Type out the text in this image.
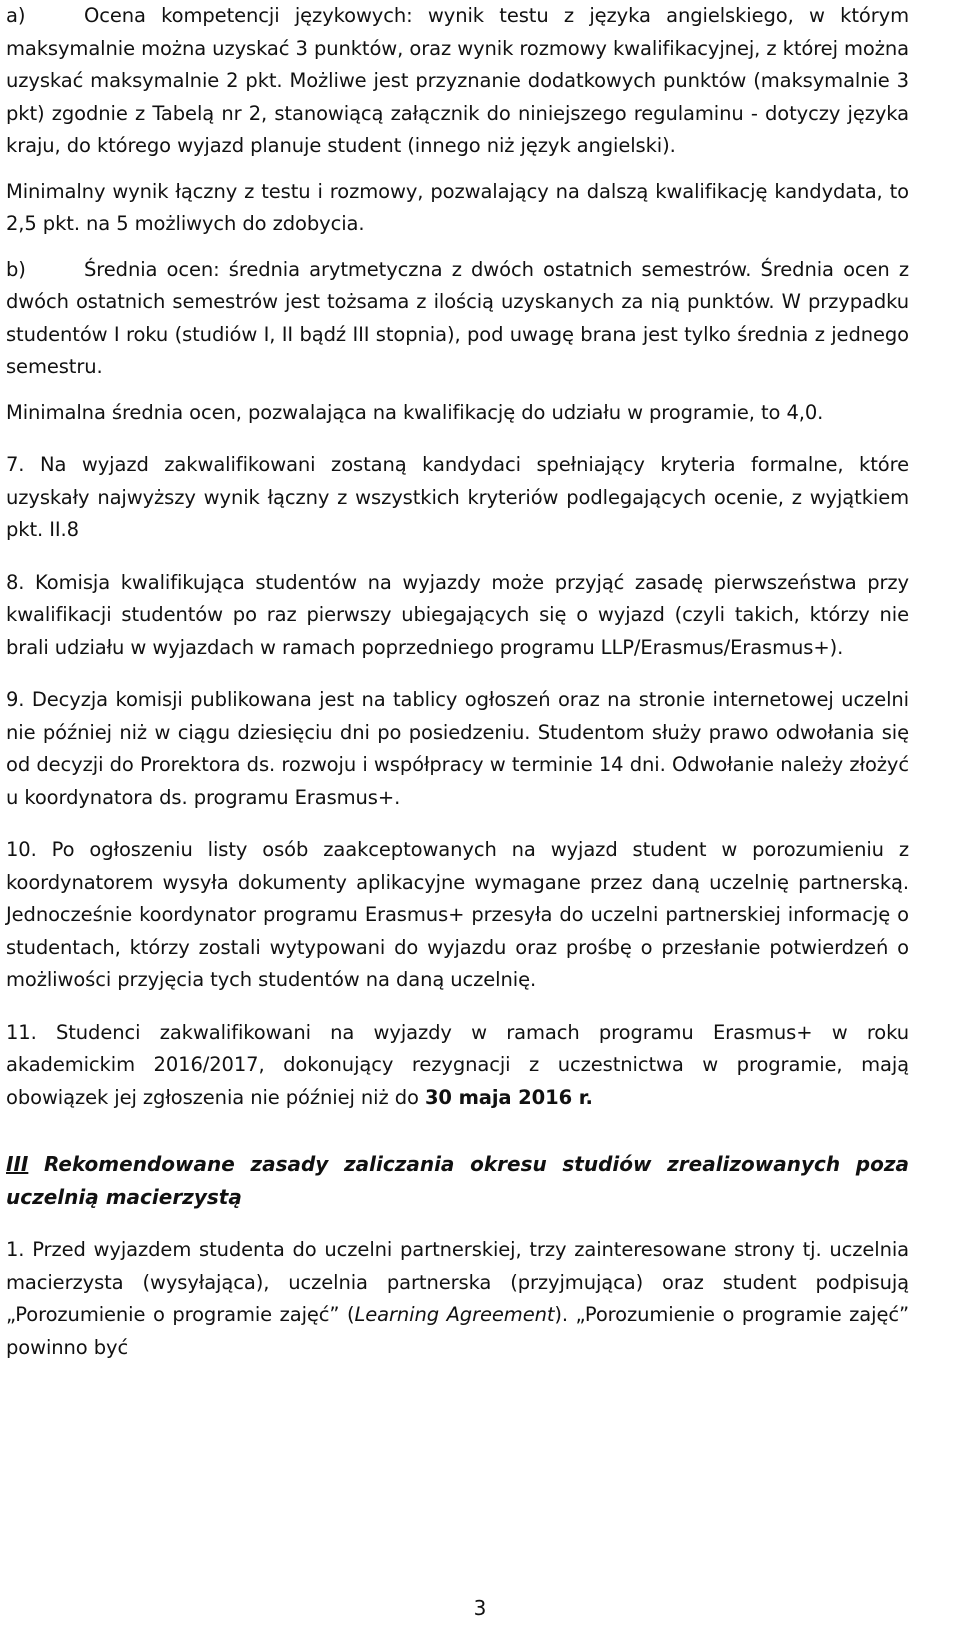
a)	Ocena kompetencji językowych: wynik testu z języka angielskiego, w którym maksymalnie można uzyskać 3 punktów, oraz wynik rozmowy kwalifikacyjnej, z której można uzyskać maksymalnie 2 pkt. Możliwe jest przyznanie dodatkowych punktów (maksymalnie 3 pkt) zgodnie z Tabelą nr 2, stanowiącą załącznik do niniejszego regulaminu - dotyczy języka kraju, do którego wyjazd planuje student (innego niż język angielski).

Minimalny wynik łączny z testu i rozmowy, pozwalający na dalszą kwalifikację kandydata, to 2,5 pkt. na 5 możliwych do zdobycia.

b)	Średnia ocen: średnia arytmetyczna z dwóch ostatnich semestrów. Średnia ocen z dwóch ostatnich semestrów jest tożsama z ilością uzyskanych za nią punktów. W przypadku studentów I roku (studiów I, II bądź III stopnia), pod uwagę brana jest tylko średnia z jednego semestru.

Minimalna średnia ocen, pozwalająca na kwalifikację do udziału w programie, to 4,0.

7. Na wyjazd zakwalifikowani zostaną kandydaci spełniający kryteria formalne, które uzyskały najwyższy wynik łączny z wszystkich kryteriów podlegających ocenie, z wyjątkiem pkt. II.8

8. Komisja kwalifikująca studentów na wyjazdy może przyjąć zasadę pierwszeństwa przy kwalifikacji studentów po raz pierwszy ubiegających się o wyjazd (czyli takich, którzy nie brali udziału w wyjazdach w ramach poprzedniego programu LLP/Erasmus/Erasmus+).

9. Decyzja komisji publikowana jest na tablicy ogłoszeń oraz na stronie internetowej uczelni nie później niż w ciągu dziesięciu dni po posiedzeniu. Studentom służy prawo odwołania się od decyzji do Prorektora ds. rozwoju i współpracy w terminie 14 dni. Odwołanie należy złożyć u koordynatora ds. programu Erasmus+.

10. Po ogłoszeniu listy osób zaakceptowanych na wyjazd student w porozumieniu z koordynatorem wysyła dokumenty aplikacyjne wymagane przez daną uczelnię partnerską. Jednocześnie koordynator programu Erasmus+ przesyła do uczelni partnerskiej informację o studentach, którzy zostali wytypowani do wyjazdu oraz prośbę o przesłanie potwierdzeń o możliwości przyjęcia tych studentów na daną uczelnię.

11. Studenci zakwalifikowani na wyjazdy w ramach programu Erasmus+ w roku akademickim 2016/2017, dokonujący rezygnacji z uczestnictwa w programie, mają obowiązek jej zgłoszenia nie później niż do 30 maja 2016 r.

III Rekomendowane zasady zaliczania okresu studiów zrealizowanych poza uczelnią macierzystą

1. Przed wyjazdem studenta do uczelni partnerskiej, trzy zainteresowane strony tj. uczelnia macierzysta (wysyłająca), uczelnia partnerska (przyjmująca) oraz student podpisują „Porozumienie o programie zajęć” (Learning Agreement). „Porozumienie o programie zajęć” powinno być

3
